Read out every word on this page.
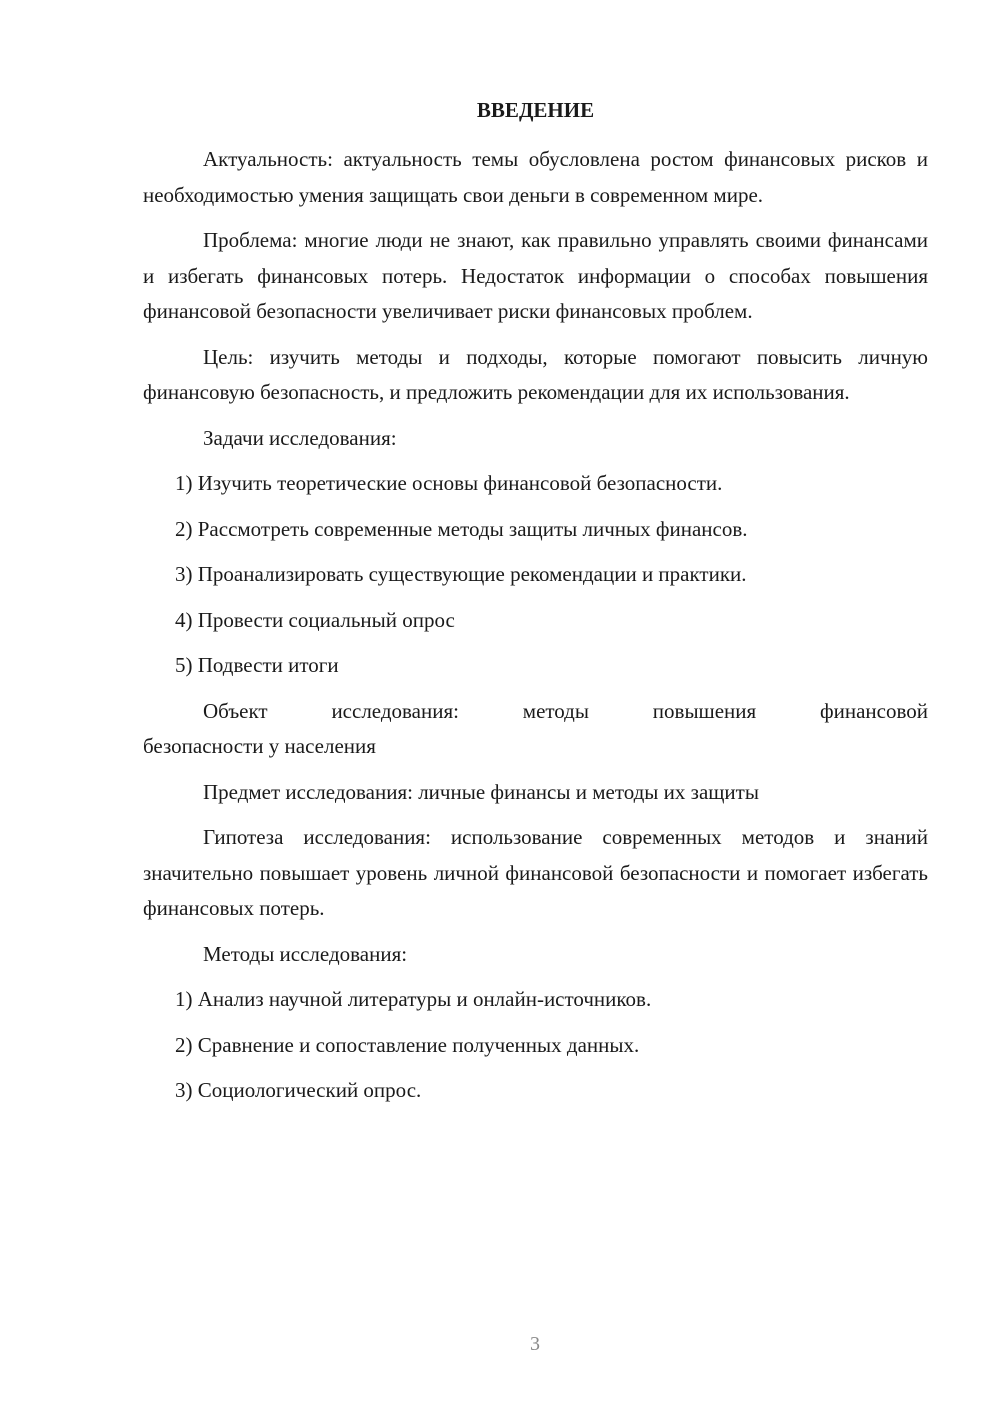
ВВЕДЕНИЕ

Актуальность: актуальность темы обусловлена ростом финансовых рисков и необходимостью умения защищать свои деньги в современном мире.

Проблема: многие люди не знают, как правильно управлять своими финансами и избегать финансовых потерь. Недостаток информации о способах повышения финансовой безопасности увеличивает риски финансовых проблем.

Цель: изучить методы и подходы, которые помогают повысить личную финансовую безопасность, и предложить рекомендации для их использования.

Задачи исследования:

1) Изучить теоретические основы финансовой безопасности.
2) Рассмотреть современные методы защиты личных финансов.
3) Проанализировать существующие рекомендации и практики.
4) Провести социальный опрос
5) Подвести итоги
Объект	исследования:	методы	повышения	финансовой
безопасности у населения

Предмет исследования: личные финансы и методы их защиты

Гипотеза исследования: использование современных методов и знаний значительно повышает уровень личной финансовой безопасности и помогает избегать финансовых потерь.

Методы исследования:

1) Анализ научной литературы и онлайн-источников.
2) Сравнение и сопоставление полученных данных.
3) Социологический опрос.
3
